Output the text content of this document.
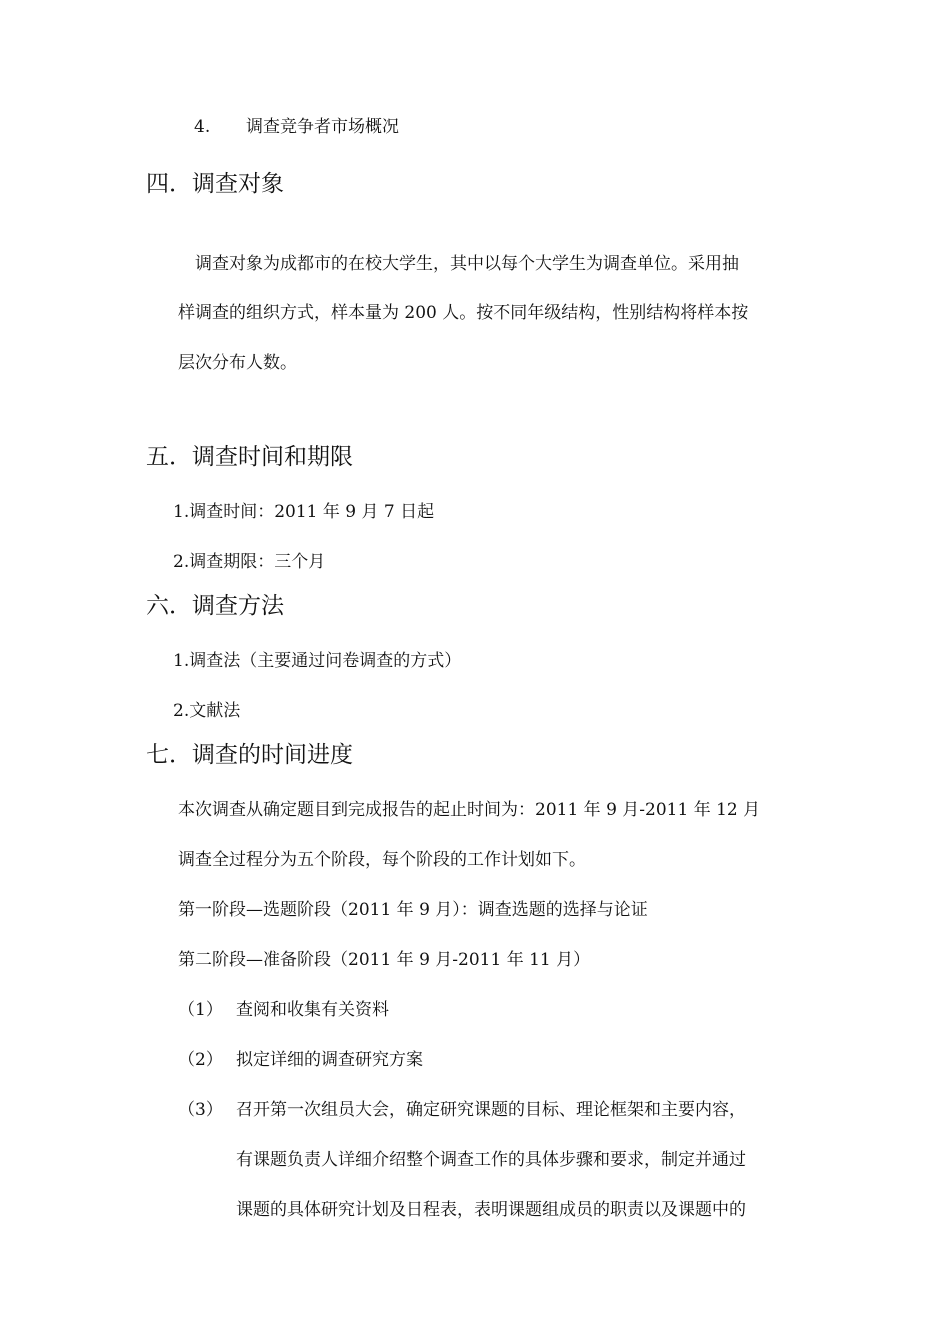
4. 调查竞争者市场概况
四．调查对象
调查对象为成都市的在校大学生，其中以每个大学生为调查单位。采用抽
样调查的组织方式，样本量为 200 人。按不同年级结构，性别结构将样本按
层次分布人数。
五．调查时间和期限
1.调查时间：2011 年 9 月 7 日起
2.调查期限：三个月
六．调查方法
1.调查法（主要通过问卷调查的方式）
2.文献法
七．调查的时间进度
本次调查从确定题目到完成报告的起止时间为：2011 年 9 月-2011 年 12 月
调查全过程分为五个阶段，每个阶段的工作计划如下。
第一阶段—选题阶段（2011 年 9 月）：调查选题的选择与论证
第二阶段—准备阶段（2011 年 9 月-2011 年 11 月）
（1） 查阅和收集有关资料
（2） 拟定详细的调查研究方案
（3） 召开第一次组员大会，确定研究课题的目标、理论框架和主要内容，
有课题负责人详细介绍整个调查工作的具体步骤和要求，制定并通过
课题的具体研究计划及日程表，表明课题组成员的职责以及课题中的
